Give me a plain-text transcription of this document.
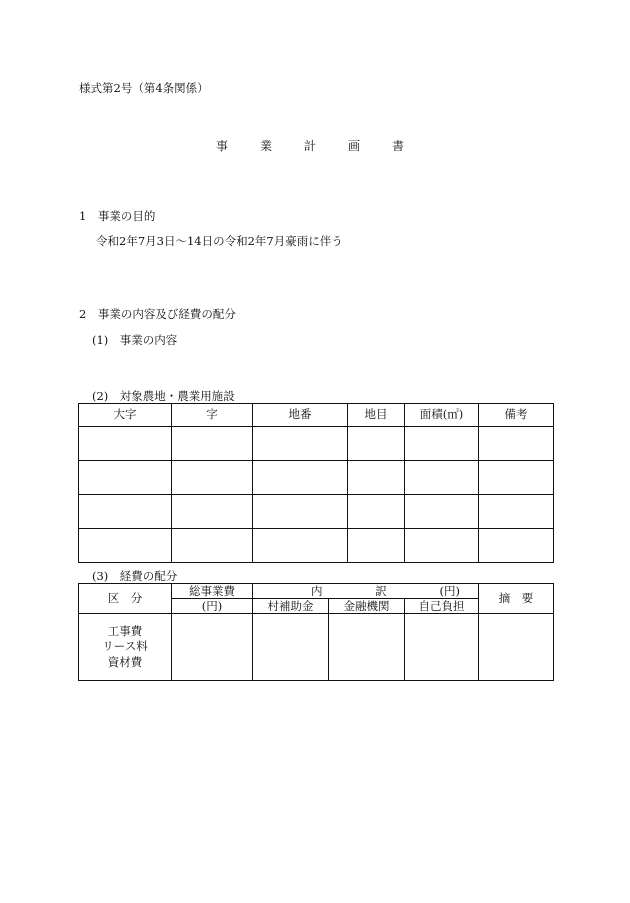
様式第2号（第4条関係）
事　業　計　画　書
1　事業の目的
令和2年7月3日～14日の令和2年7月豪雨に伴う
2　事業の内容及び経費の配分
(1)　事業の内容
(2)　対象農地・農業用施設
大字	字	地番	地目	面積(㎡)	備考

(3)　経費の配分
区　分	総事業費	内 訳 (円)			摘　要
	(円)	村補助金	金融機関	自己負担	

工事費
リース料
資材費					
